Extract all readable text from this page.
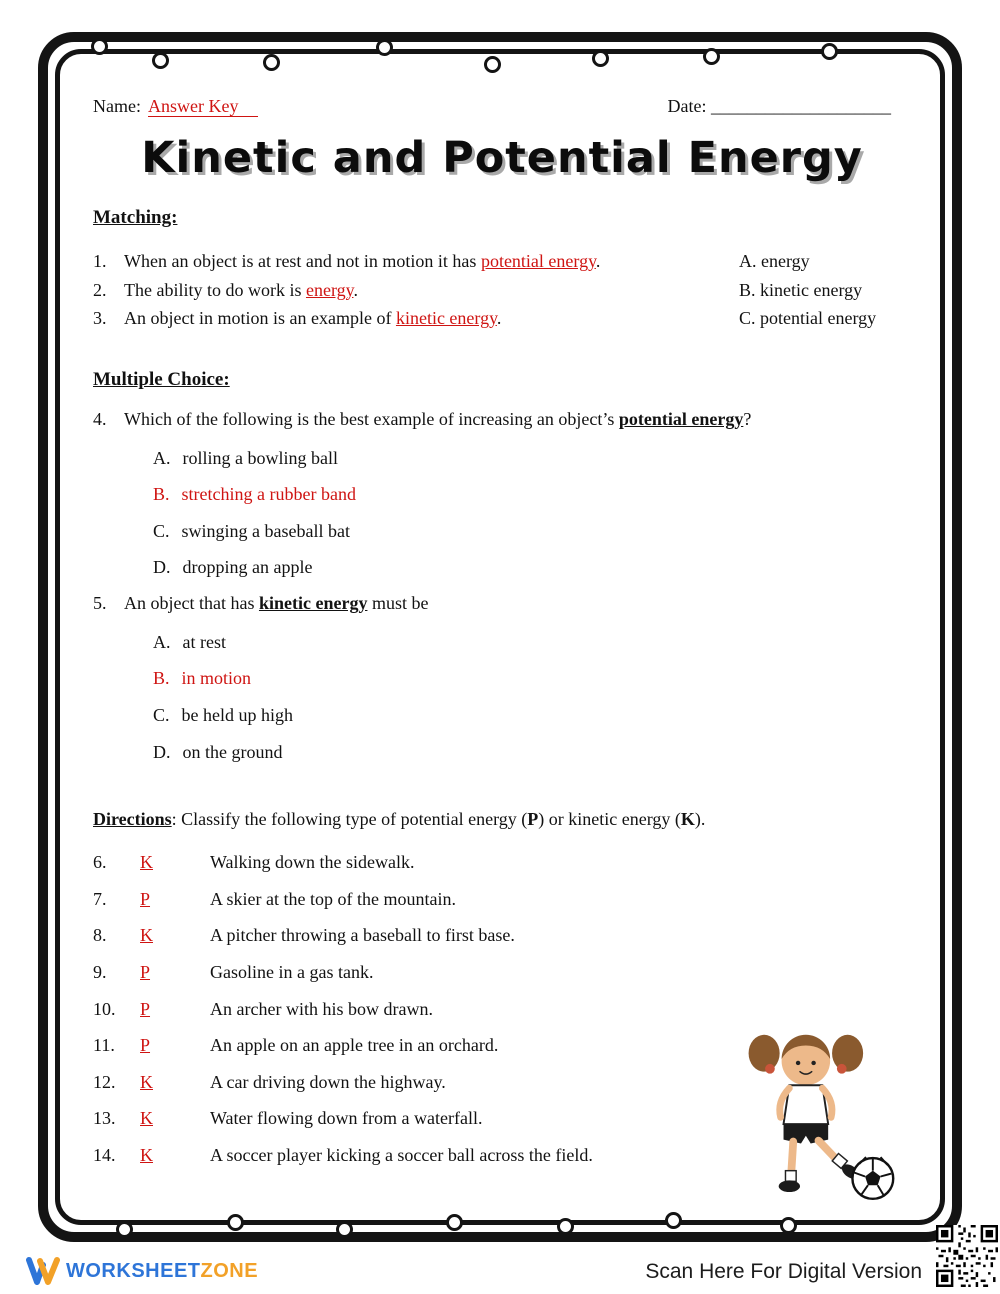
Name: Answer Key	Date: ____________________
Kinetic and Potential Energy
Matching:
1. When an object is at rest and not in motion it has potential energy.
2. The ability to do work is energy.
3. An object in motion is an example of kinetic energy.
A. energy
B. kinetic energy
C. potential energy
Multiple Choice:
4. Which of the following is the best example of increasing an object’s potential energy?
A. rolling a bowling ball
B. stretching a rubber band
C. swinging a baseball bat
D. dropping an apple
5. An object that has kinetic energy must be
A. at rest
B. in motion
C. be held up high
D. on the ground
Directions: Classify the following type of potential energy (P) or kinetic energy (K).
6.	K	Walking down the sidewalk.
7.	P	A skier at the top of the mountain.
8.	K	A pitcher throwing a baseball to first base.
9.	P	Gasoline in a gas tank.
10.	P	An archer with his bow drawn.
11.	P	An apple on an apple tree in an orchard.
12.	K	A car driving down the highway.
13.	K	Water flowing down from a waterfall.
14.	K	A soccer player kicking a soccer ball across the field.
WORKSHEETZONE	Scan Here For Digital Version
